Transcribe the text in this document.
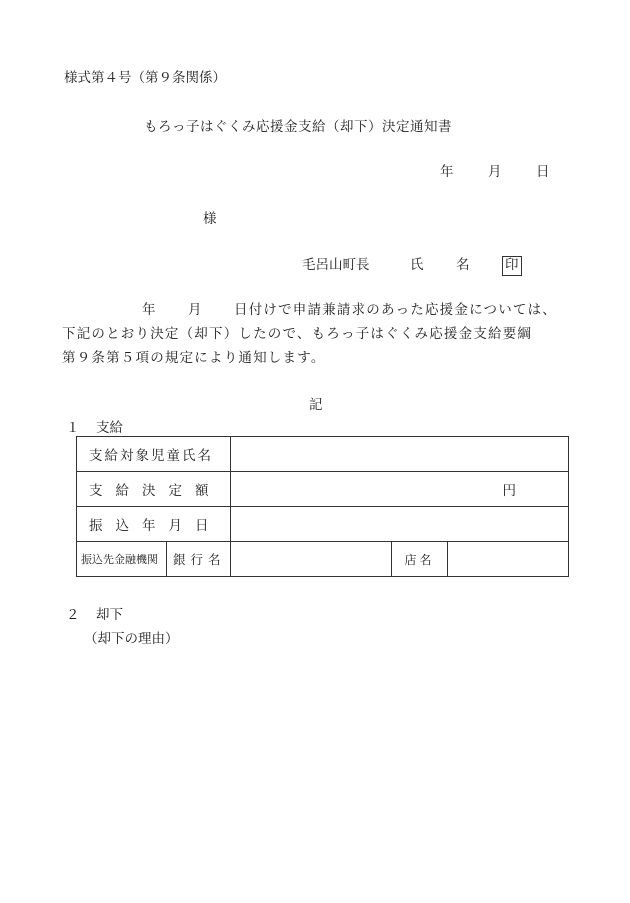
様式第４号（第９条関係）
もろっ子はぐくみ応援金支給（却下）決定通知書
年	月	日
様
毛呂山町長	氏 名	印
年 月 日付けで申請兼請求のあった応援金については、
下記のとおり決定（却下）したので、もろっ子はぐくみ応援金支給要綱
第９条第５項の規定により通知します。
記
１ 支給
支給対象児童氏名				
支給決定額		円		
振込年月日				
振込先金融機関	銀行名		店名	
２ 却下
（却下の理由）
